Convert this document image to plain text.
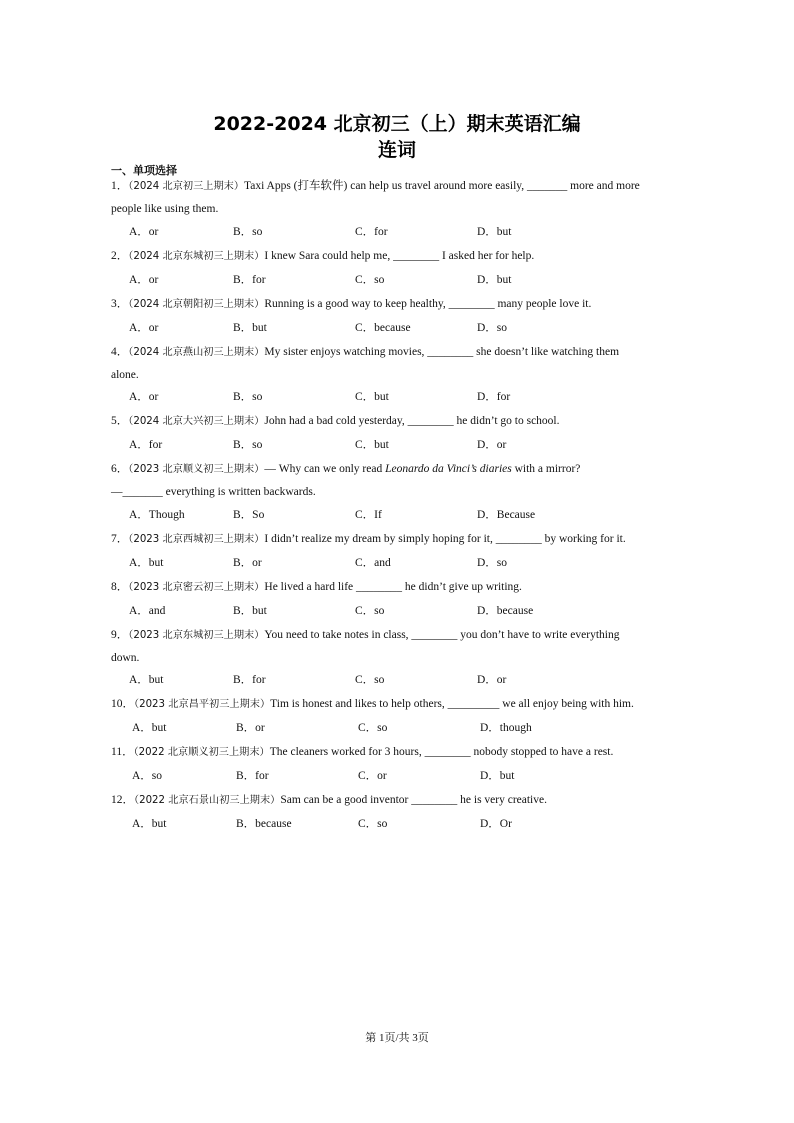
2022-2024 北京初三（上）期末英语汇编
连词
一、单项选择
1．（2024 北京初三上期末）Taxi Apps (打车软件) can help us travel around more easily, _______ more and more
people like using them.
A．or	B．so	C．for	D．but
2．（2024 北京东城初三上期末）I knew Sara could help me, ________ I asked her for help.
A．or	B．for	C．so	D．but
3．（2024 北京朝阳初三上期末）Running is a good way to keep healthy, ________ many people love it.
A．or	B．but	C．because	D．so
4．（2024 北京燕山初三上期末）My sister enjoys watching movies, ________ she doesn’t like watching them
alone.
A．or	B．so	C．but	D．for
5．（2024 北京大兴初三上期末）John had a bad cold yesterday, ________ he didn’t go to school.
A．for	B．so	C．but	D．or
6．（2023 北京顺义初三上期末）— Why can we only read Leonardo da Vinci’s diaries with a mirror?
—_______ everything is written backwards.
A．Though	B．So	C．If	D．Because
7．（2023 北京西城初三上期末）I didn’t realize my dream by simply hoping for it, ________ by working for it.
A．but	B．or	C．and	D．so
8．（2023 北京密云初三上期末）He lived a hard life ________ he didn’t give up writing.
A．and	B．but	C．so	D．because
9．（2023 北京东城初三上期末）You need to take notes in class, ________ you don’t have to write everything
down.
A．but	B．for	C．so	D．or
10．（2023 北京昌平初三上期末）Tim is honest and likes to help others, _________ we all enjoy being with him.
A．but	B．or	C．so	D．though
11．（2022 北京顺义初三上期末）The cleaners worked for 3 hours, ________ nobody stopped to have a rest.
A．so	B．for	C．or	D．but
12．（2022 北京石景山初三上期末）Sam can be a good inventor ________ he is very creative.
A．but	B．because	C．so	D．Or
第 1页/共 3页
